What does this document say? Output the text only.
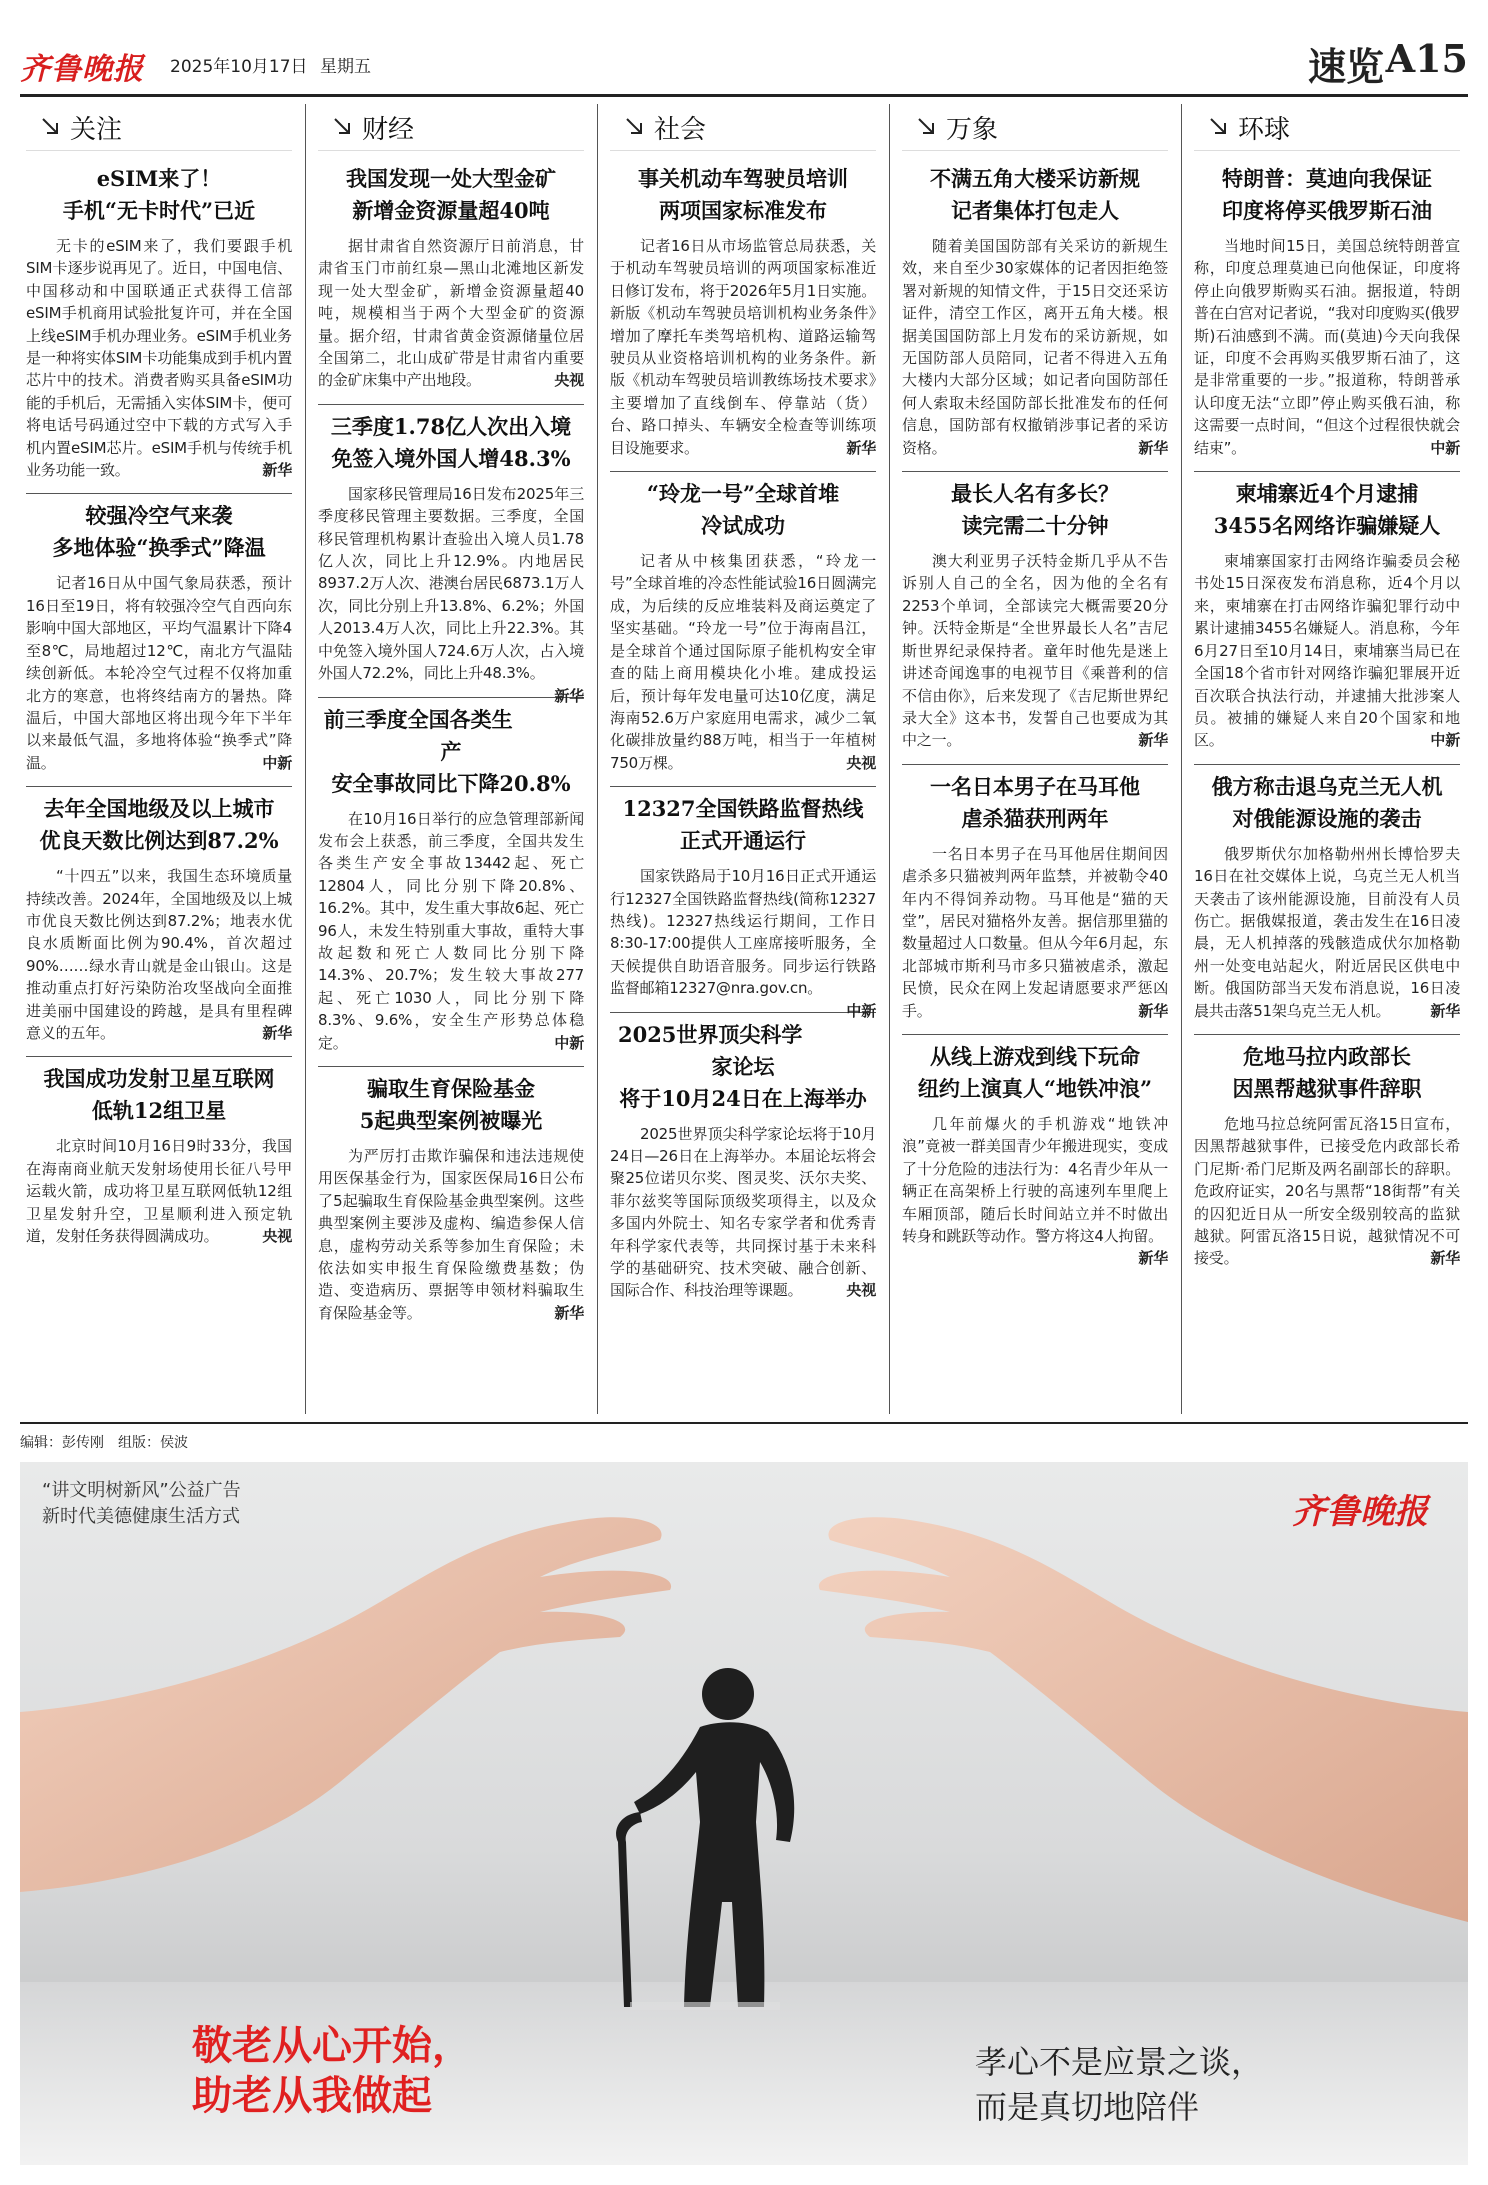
齐鲁晚报 2025年10月17日 星期五	速览 A15
关注
eSIM来了！
手机“无卡时代”已近
无卡的eSIM来了，我们要跟手机SIM卡逐步说再见了。近日，中国电信、中国移动和中国联通正式获得工信部eSIM手机商用试验批复许可，并在全国上线eSIM手机办理业务。eSIM手机业务是一种将实体SIM卡功能集成到手机内置芯片中的技术。消费者购买具备eSIM功能的手机后，无需插入实体SIM卡，便可将电话号码通过空中下载的方式写入手机内置eSIM芯片。eSIM手机与传统手机业务功能一致。	新华
较强冷空气来袭
多地体验“换季式”降温
记者16日从中国气象局获悉，预计16日至19日，将有较强冷空气自西向东影响中国大部地区，平均气温累计下降4至8℃，局地超过12℃，南北方气温陆续创新低。本轮冷空气过程不仅将加重北方的寒意，也将终结南方的暑热。降温后，中国大部地区将出现今年下半年以来最低气温，多地将体验“换季式”降温。	中新
去年全国地级及以上城市
优良天数比例达到87.2%
“十四五”以来，我国生态环境质量持续改善。2024年，全国地级及以上城市优良天数比例达到87.2%；地表水优良水质断面比例为90.4%，首次超过90%……绿水青山就是金山银山。这是推动重点打好污染防治攻坚战向全面推进美丽中国建设的跨越，是具有里程碑意义的五年。	新华
我国成功发射卫星互联网
低轨12组卫星
北京时间10月16日9时33分，我国在海南商业航天发射场使用长征八号甲运载火箭，成功将卫星互联网低轨12组卫星发射升空，卫星顺利进入预定轨道，发射任务获得圆满成功。	央视
财经
我国发现一处大型金矿
新增金资源量超40吨
据甘肃省自然资源厅日前消息，甘肃省玉门市前红泉—黑山北滩地区新发现一处大型金矿，新增金资源量超40吨，规模相当于两个大型金矿的资源量。据介绍，甘肃省黄金资源储量位居全国第二，北山成矿带是甘肃省内重要的金矿床集中产出地段。	央视
三季度1.78亿人次出入境
免签入境外国人增48.3%
国家移民管理局16日发布2025年三季度移民管理主要数据。三季度，全国移民管理机构累计查验出入境人员1.78亿人次，同比上升12.9%。内地居民8937.2万人次、港澳台居民6873.1万人次，同比分别上升13.8%、6.2%；外国人2013.4万人次，同比上升22.3%。其中免签入境外国人724.6万人次，占入境外国人72.2%，同比上升48.3%。
新华
前三季度全国各类生产
安全事故同比下降20.8%
在10月16日举行的应急管理部新闻发布会上获悉，前三季度，全国共发生各类生产安全事故13442起、死亡12804人，同比分别下降20.8%、16.2%。其中，发生重大事故6起、死亡96人，未发生特别重大事故，重特大事故起数和死亡人数同比分别下降14.3%、20.7%；发生较大事故277起、死亡1030人，同比分别下降8.3%、9.6%，安全生产形势总体稳定。	中新
骗取生育保险基金
5起典型案例被曝光
为严厉打击欺诈骗保和违法违规使用医保基金行为，国家医保局16日公布了5起骗取生育保险基金典型案例。这些典型案例主要涉及虚构、编造参保人信息，虚构劳动关系等参加生育保险；未依法如实申报生育保险缴费基数；伪造、变造病历、票据等申领材料骗取生育保险基金等。	新华
社会
事关机动车驾驶员培训
两项国家标准发布
记者16日从市场监管总局获悉，关于机动车驾驶员培训的两项国家标准近日修订发布，将于2026年5月1日实施。新版《机动车驾驶员培训机构业务条件》增加了摩托车类驾培机构、道路运输驾驶员从业资格培训机构的业务条件。新版《机动车驾驶员培训教练场技术要求》主要增加了直线倒车、停靠站（货）台、路口掉头、车辆安全检查等训练项目设施要求。	新华
“玲龙一号”全球首堆
冷试成功
记者从中核集团获悉，“玲龙一号”全球首堆的冷态性能试验16日圆满完成，为后续的反应堆装料及商运奠定了坚实基础。“玲龙一号”位于海南昌江，是全球首个通过国际原子能机构安全审查的陆上商用模块化小堆。建成投运后，预计每年发电量可达10亿度，满足海南52.6万户家庭用电需求，减少二氧化碳排放量约88万吨，相当于一年植树750万棵。	央视
12327全国铁路监督热线
正式开通运行
国家铁路局于10月16日正式开通运行12327全国铁路监督热线(简称12327热线)。12327热线运行期间，工作日8:30-17:00提供人工座席接听服务，全天候提供自助语音服务。同步运行铁路监督邮箱12327@nra.gov.cn。
中新
2025世界顶尖科学家论坛
将于10月24日在上海举办
2025世界顶尖科学家论坛将于10月24日—26日在上海举办。本届论坛将会聚25位诺贝尔奖、图灵奖、沃尔夫奖、菲尔兹奖等国际顶级奖项得主，以及众多国内外院士、知名专家学者和优秀青年科学家代表等，共同探讨基于未来科学的基础研究、技术突破、融合创新、国际合作、科技治理等课题。	央视
万象
不满五角大楼采访新规
记者集体打包走人
随着美国国防部有关采访的新规生效，来自至少30家媒体的记者因拒绝签署对新规的知情文件，于15日交还采访证件，清空工作区，离开五角大楼。根据美国国防部上月发布的采访新规，如无国防部人员陪同，记者不得进入五角大楼内大部分区域；如记者向国防部任何人索取未经国防部长批准发布的任何信息，国防部有权撤销涉事记者的采访资格。	新华
最长人名有多长？
读完需二十分钟
澳大利亚男子沃特金斯几乎从不告诉别人自己的全名，因为他的全名有2253个单词，全部读完大概需要20分钟。沃特金斯是“全世界最长人名”吉尼斯世界纪录保持者。童年时他先是迷上讲述奇闻逸事的电视节目《乘普利的信不信由你》，后来发现了《吉尼斯世界纪录大全》这本书，发誓自己也要成为其中之一。	新华
一名日本男子在马耳他
虐杀猫获刑两年
一名日本男子在马耳他居住期间因虐杀多只猫被判两年监禁，并被勒令40年内不得饲养动物。马耳他是“猫的天堂”，居民对猫格外友善。据信那里猫的数量超过人口数量。但从今年6月起，东北部城市斯利马市多只猫被虐杀，激起民愤，民众在网上发起请愿要求严惩凶手。	新华
从线上游戏到线下玩命
纽约上演真人“地铁冲浪”
几年前爆火的手机游戏“地铁冲浪”竟被一群美国青少年搬进现实，变成了十分危险的违法行为：4名青少年从一辆正在高架桥上行驶的高速列车里爬上车厢顶部，随后长时间站立并不时做出转身和跳跃等动作。警方将这4人拘留。
新华
环球
特朗普：莫迪向我保证
印度将停买俄罗斯石油
当地时间15日，美国总统特朗普宣称，印度总理莫迪已向他保证，印度将停止向俄罗斯购买石油。据报道，特朗普在白宫对记者说，“我对印度购买(俄罗斯)石油感到不满。而(莫迪)今天向我保证，印度不会再购买俄罗斯石油了，这是非常重要的一步。”报道称，特朗普承认印度无法“立即”停止购买俄石油，称这需要一点时间，“但这个过程很快就会结束”。	中新
柬埔寨近4个月逮捕
3455名网络诈骗嫌疑人
柬埔寨国家打击网络诈骗委员会秘书处15日深夜发布消息称，近4个月以来，柬埔寨在打击网络诈骗犯罪行动中累计逮捕3455名嫌疑人。消息称，今年6月27日至10月14日，柬埔寨当局已在全国18个省市针对网络诈骗犯罪展开近百次联合执法行动，并逮捕大批涉案人员。被捕的嫌疑人来自20个国家和地区。	中新
俄方称击退乌克兰无人机
对俄能源设施的袭击
俄罗斯伏尔加格勒州州长博恰罗夫16日在社交媒体上说，乌克兰无人机当天袭击了该州能源设施，目前没有人员伤亡。据俄媒报道，袭击发生在16日凌晨，无人机掉落的残骸造成伏尔加格勒州一处变电站起火，附近居民区供电中断。俄国防部当天发布消息说，16日凌晨共击落51架乌克兰无人机。	新华
危地马拉内政部长
因黑帮越狱事件辞职
危地马拉总统阿雷瓦洛15日宣布，因黑帮越狱事件，已接受危内政部长希门尼斯·希门尼斯及两名副部长的辞职。危政府证实，20名与黑帮“18街帮”有关的囚犯近日从一所安全级别较高的监狱越狱。阿雷瓦洛15日说，越狱情况不可接受。	新华
编辑：彭传刚　组版：侯波
“讲文明树新风”公益广告
新时代美德健康生活方式	齐鲁晚报
敬老从心开始，
助老从我做起
孝心不是应景之谈，
而是真切地陪伴
